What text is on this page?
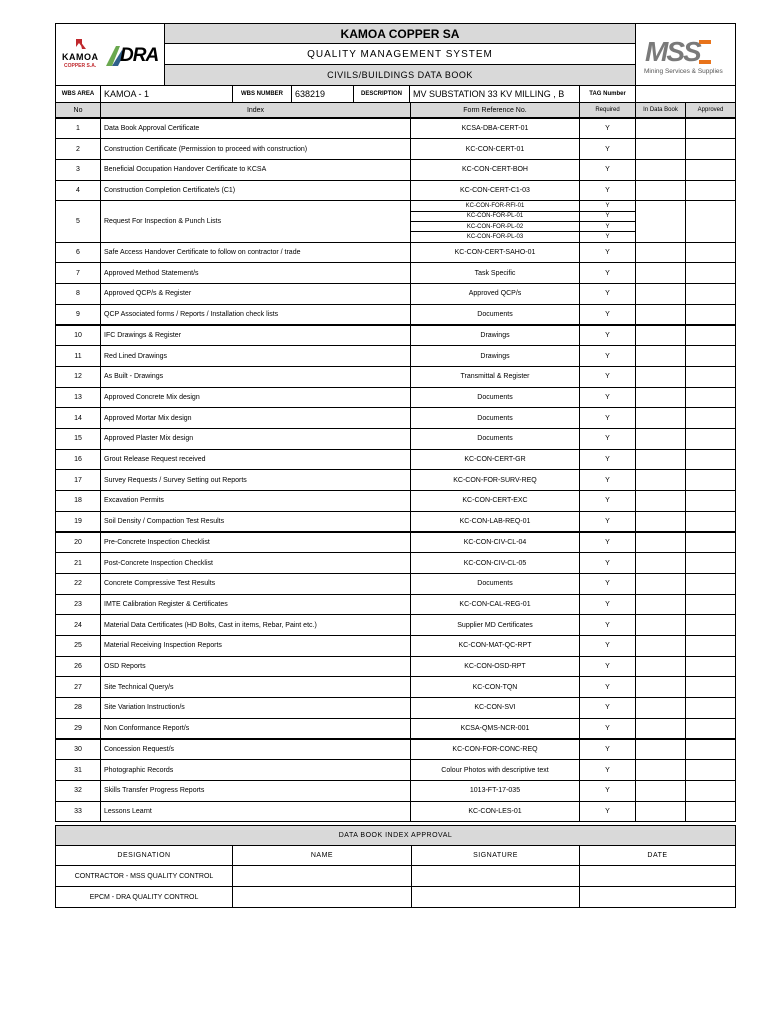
KAMOA
COPPER S.A. DRA
KAMOA COPPER SA
QUALITY MANAGEMENT SYSTEM
CIVILS/BUILDINGS DATA BOOK
MSS
Mining Services & Supplies
WBS AREA	KAMOA - 1	WBS NUMBER	638219	DESCRIPTION	MV SUBSTATION 33 KV MILLING , B	TAG Number
No	Index	Form Reference No.	Required	In Data Book	Approved
1	Data Book Approval Certificate	KCSA-DBA-CERT-01	Y
2	Construction Certificate (Permission to proceed with construction)	KC-CON-CERT-01	Y
3	Beneficial Occupation Handover Certificate to KCSA	KC-CON-CERT-BOH	Y
4	Construction Completion Certificate/s (C1)	KC-CON-CERT-C1-03	Y
5	Request For Inspection & Punch Lists
KC-CON-FOR-RFI-01	Y
KC-CON-FOR-PL-01	Y
KC-CON-FOR-PL-02	Y
KC-CON-FOR-PL-03	Y
6	Safe Access Handover Certificate to follow on contractor / trade	KC-CON-CERT-SAHO-01	Y
7	Approved Method Statement/s	Task Specific	Y
8	Approved QCP/s & Register	Approved QCP/s	Y
9	QCP Associated forms / Reports / Installation check lists	Documents	Y
10	IFC Drawings & Register	Drawings	Y
11	Red Lined Drawings	Drawings	Y
12	As Built - Drawings	Transmittal & Register	Y
13	Approved Concrete Mix design	Documents	Y
14	Approved Mortar Mix design	Documents	Y
15	Approved Plaster Mix design	Documents	Y
16	Grout Release Request received	KC-CON-CERT-GR	Y
17	Survey Requests / Survey Setting out Reports	KC-CON-FOR-SURV-REQ	Y
18	Excavation Permits	KC-CON-CERT-EXC	Y
19	Soil Density / Compaction Test Results	KC-CON-LAB-REQ-01	Y
20	Pre-Concrete Inspection Checklist	KC-CON-CIV-CL-04	Y
21	Post-Concrete Inspection Checklist	KC-CON-CIV-CL-05	Y
22	Concrete Compressive Test Results	Documents	Y
23	IMTE Calibration Register & Certificates	KC-CON-CAL-REG-01	Y
24	Material Data Certificates (HD Bolts, Cast in items, Rebar, Paint etc.)	Supplier MD Certificates	Y
25	Material Receiving Inspection Reports	KC-CON-MAT-QC-RPT	Y
26	OSD Reports	KC-CON-OSD-RPT	Y
27	Site Technical Query/s	KC-CON-TQN	Y
28	Site Variation Instruction/s	KC-CON-SVI	Y
29	Non Conformance Report/s	KCSA-QMS-NCR-001	Y
30	Concession Request/s	KC-CON-FOR-CONC-REQ	Y
31	Photographic Records	Colour Photos with descriptive text	Y
32	Skills Transfer Progress Reports	1013-FT-17-035	Y
33	Lessons Learnt	KC-CON-LES-01	Y
DATA BOOK INDEX APPROVAL
DESIGNATION	NAME	SIGNATURE	DATE
CONTRACTOR - MSS QUALITY CONTROL
EPCM - DRA QUALITY CONTROL
